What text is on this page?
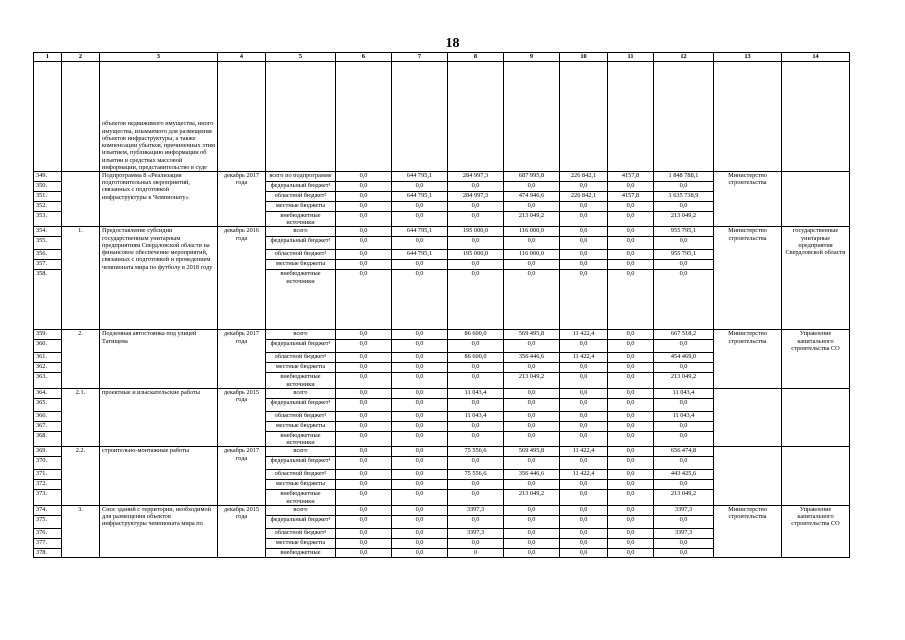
18
1	2	3	4	5	6	7	8	9	10	11	12	13	14
		объектов недвижимого имущества, иного имущества, изымаемого для размещения объектов инфраструктуры, а также компенсации убытков, причиненных этим изъятием, публикацию информации об изъятии в средствах массовой информации, представительство в суде											
349.		Подпрограмма 8 «Реализация подготовительных мероприятий, связанных с подготовкой инфраструктуры к Чемпионату»	декабрь 2017 года	всего по подпрограмме	0,0	644 795,1	284 997,3	687 995,8	226 842,1	4157,8	1 848 788,1	Министерство строительства	
350.				федеральный бюджет¹	0,0	0,0	0,0	0,0	0,0	0,0	0,0		
351.				областной бюджет²	0,0	644 795,1	284 997,3	474 946,6	226 842,1	4157,8	1 635 738,9		
352.				местные бюджеты	0,0	0,0	0,0	0,0	0,0	0,0	0,0		
353.				внебюджетные источники	0,0	0,0	0,0	213 049,2	0,0	0,0	213 049,2		
354.	1.	Предоставление субсидии государственным унитарным предприятиям Свердловской области на финансовое обеспечение мероприятий, связанных с подготовкой и проведением чемпионата мира по футболу в 2018 году	декабрь 2016 года	всего	0,0	644 795,1	195 000,0	116 000,0	0,0	0,0	955 795,1	Министерство строительства	государственные унитарные предприятия Свердловской области
355.				федеральный бюджет¹	0,0	0,0	0,0	0,0	0,0	0,0	0,0		
356.				областной бюджет²	0,0	644 795,1	195 000,0	116 000,0	0,0	0,0	955 795,1		
357.				местные бюджеты	0,0	0,0	0,0	0,0	0,0	0,0	0,0		
358.				внебюджетные источники	0,0	0,0	0,0	0,0	0,0	0,0	0,0		
359.	2.	Подземная автостоянка под улицей Татищева	декабрь 2017 года	всего	0,0	0,0	86 600,0	569 495,8	11 422,4	0,0	667 518,2	Министерство строительства	Управление капитального строительства СО
360.				федеральный бюджет¹	0,0	0,0	0,0	0,0	0,0	0,0	0,0		
361.				областной бюджет²	0,0	0,0	86 600,0	356 446,6	11 422,4	0,0	454 469,0		
362.				местные бюджеты	0,0	0,0	0,0	0,0	0,0	0,0	0,0		
363.				внебюджетные источники	0,0	0,0	0,0	213 049,2	0,0	0,0	213 049,2		
364.	2.1.	проектные и изыскательские работы	декабрь 2015 года	всего	0,0	0,0	11 043,4	0,0	0,0	0,0	11 043,4		
365.				федеральный бюджет¹	0,0	0,0	0,0	0,0	0,0	0,0	0,0		
366.				областной бюджет²	0,0	0,0	11 043,4	0,0	0,0	0,0	11 043,4		
367.				местные бюджеты	0,0	0,0	0,0	0,0	0,0	0,0	0,0		
368.				внебюджетные источники	0,0	0,0	0,0	0,0	0,0	0,0	0,0		
369.	2.2.	строительно-монтажные работы	декабрь 2017 года	всего	0,0	0,0	75 556,6	569 495,8	11 422,4	0,0	656 474,8		
370.				федеральный бюджет¹	0,0	0,0	0,0	0,0	0,0	0,0	0,0		
371.				областной бюджет²	0,0	0,0	75 556,6	356 446,6	11 422,4	0,0	443 425,6		
372.				местные бюджеты	0,0	0,0	0,0	0,0	0,0	0,0	0,0		
373.				внебюджетные источники	0,0	0,0	0,0	213 049,2	0,0	0,0	213 049,2		
374.	3.	Снос зданий с территории, необходимой для размещения объектов инфраструктуры чемпионата мира по	декабрь 2015 года	всего	0,0	0,0	3397,3	0,0	0,0	0,0	3397,3	Министерство строительства	Управление капитального строительства СО
375.				федеральный бюджет¹	0,0	0,0	0,0	0,0	0,0	0,0	0,0		
376.				областной бюджет²	0,0	0,0	3397,3	0,0	0,0	0,0	3397,3		
377.				местные бюджеты	0,0	0,0	0,0	0,0	0,0	0,0	0,0		
378.				внебюджетные	0,0	0,0	0	0,0	0,0	0,0	0,0		
